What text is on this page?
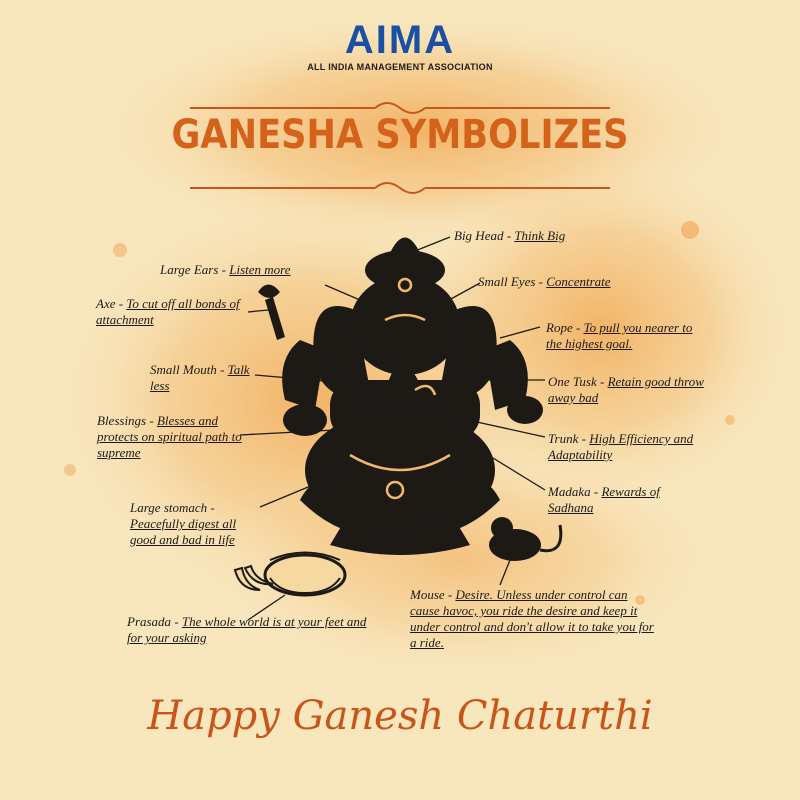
AIMA
ALL INDIA MANAGEMENT ASSOCIATION
GANESHA SYMBOLIZES
Big Head - Think Big
Large Ears - Listen more
Small Eyes - Concentrate
Axe - To cut off all bonds of attachment
Rope - To pull you nearer to the highest goal.
Small Mouth - Talk less	One Tusk - Retain good throw away bad
Blessings - Blesses and protects on spiritual path to supreme
Trunk - High Efficiency and Adaptability
Madaka - Rewards of Sadhana
Large stomach - Peacefully digest all good and bad in life
Mouse - Desire. Unless under control can cause havoc, you ride the desire and keep it under control and don't allow it to take you for a ride.
Prasada - The whole world is at your feet and for your asking
Happy Ganesh Chaturthi
